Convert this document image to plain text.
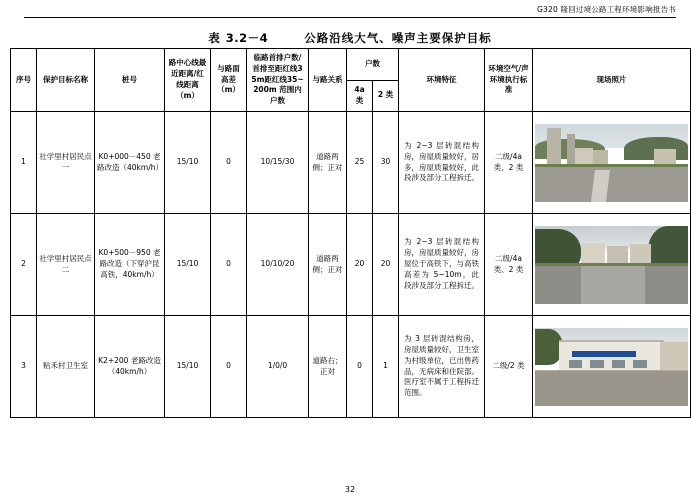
G320 隆回过境公路工程环境影响报告书
表 3.2－4	公路沿线大气、噪声主要保护目标
序号	保护目标名称	桩号	路中心线最近距离/红线距离（m）	与路面高差（m）	临路首排户数/首排至距红线35m距红线35~200m 范围内户数	与路关系	户数		环境特征	环境空气/声环境执行标准	现场照片
							4a 类	2 类			
1	社学里村居民点一	K0+000－450 老路改造（40km/h）	15/10	0	10/15/30	道路两侧；正对	25	30	为 2~3 层砖混结构房，房屋质量较好，居多，房屋质量较好，此段涉及部分工程拆迁。	二级/4a 类、2 类	

2	社学里村居民点二	K0+500－950 老路改造（下穿沪昆高铁，40km/h）	15/10	0	10/10/20	道路两侧；正对	20	20	为 2~3 层砖混结构房，房屋质量较好，房屋位于高铁下，与高铁高差为 5~10m，此段涉及部分工程拆迁。	二级/4a 类、2 类	

3	粘禾村卫生室	K2+200 老路改造（40km/h）	15/10	0	1/0/0	道路右；正对	0	1	为 3 层砖混结构房，房屋质量较好，卫生室为村级单位，已出售药品，无病床和住院部。医疗室不属于工程拆迁范围。	二级/2 类	
32
